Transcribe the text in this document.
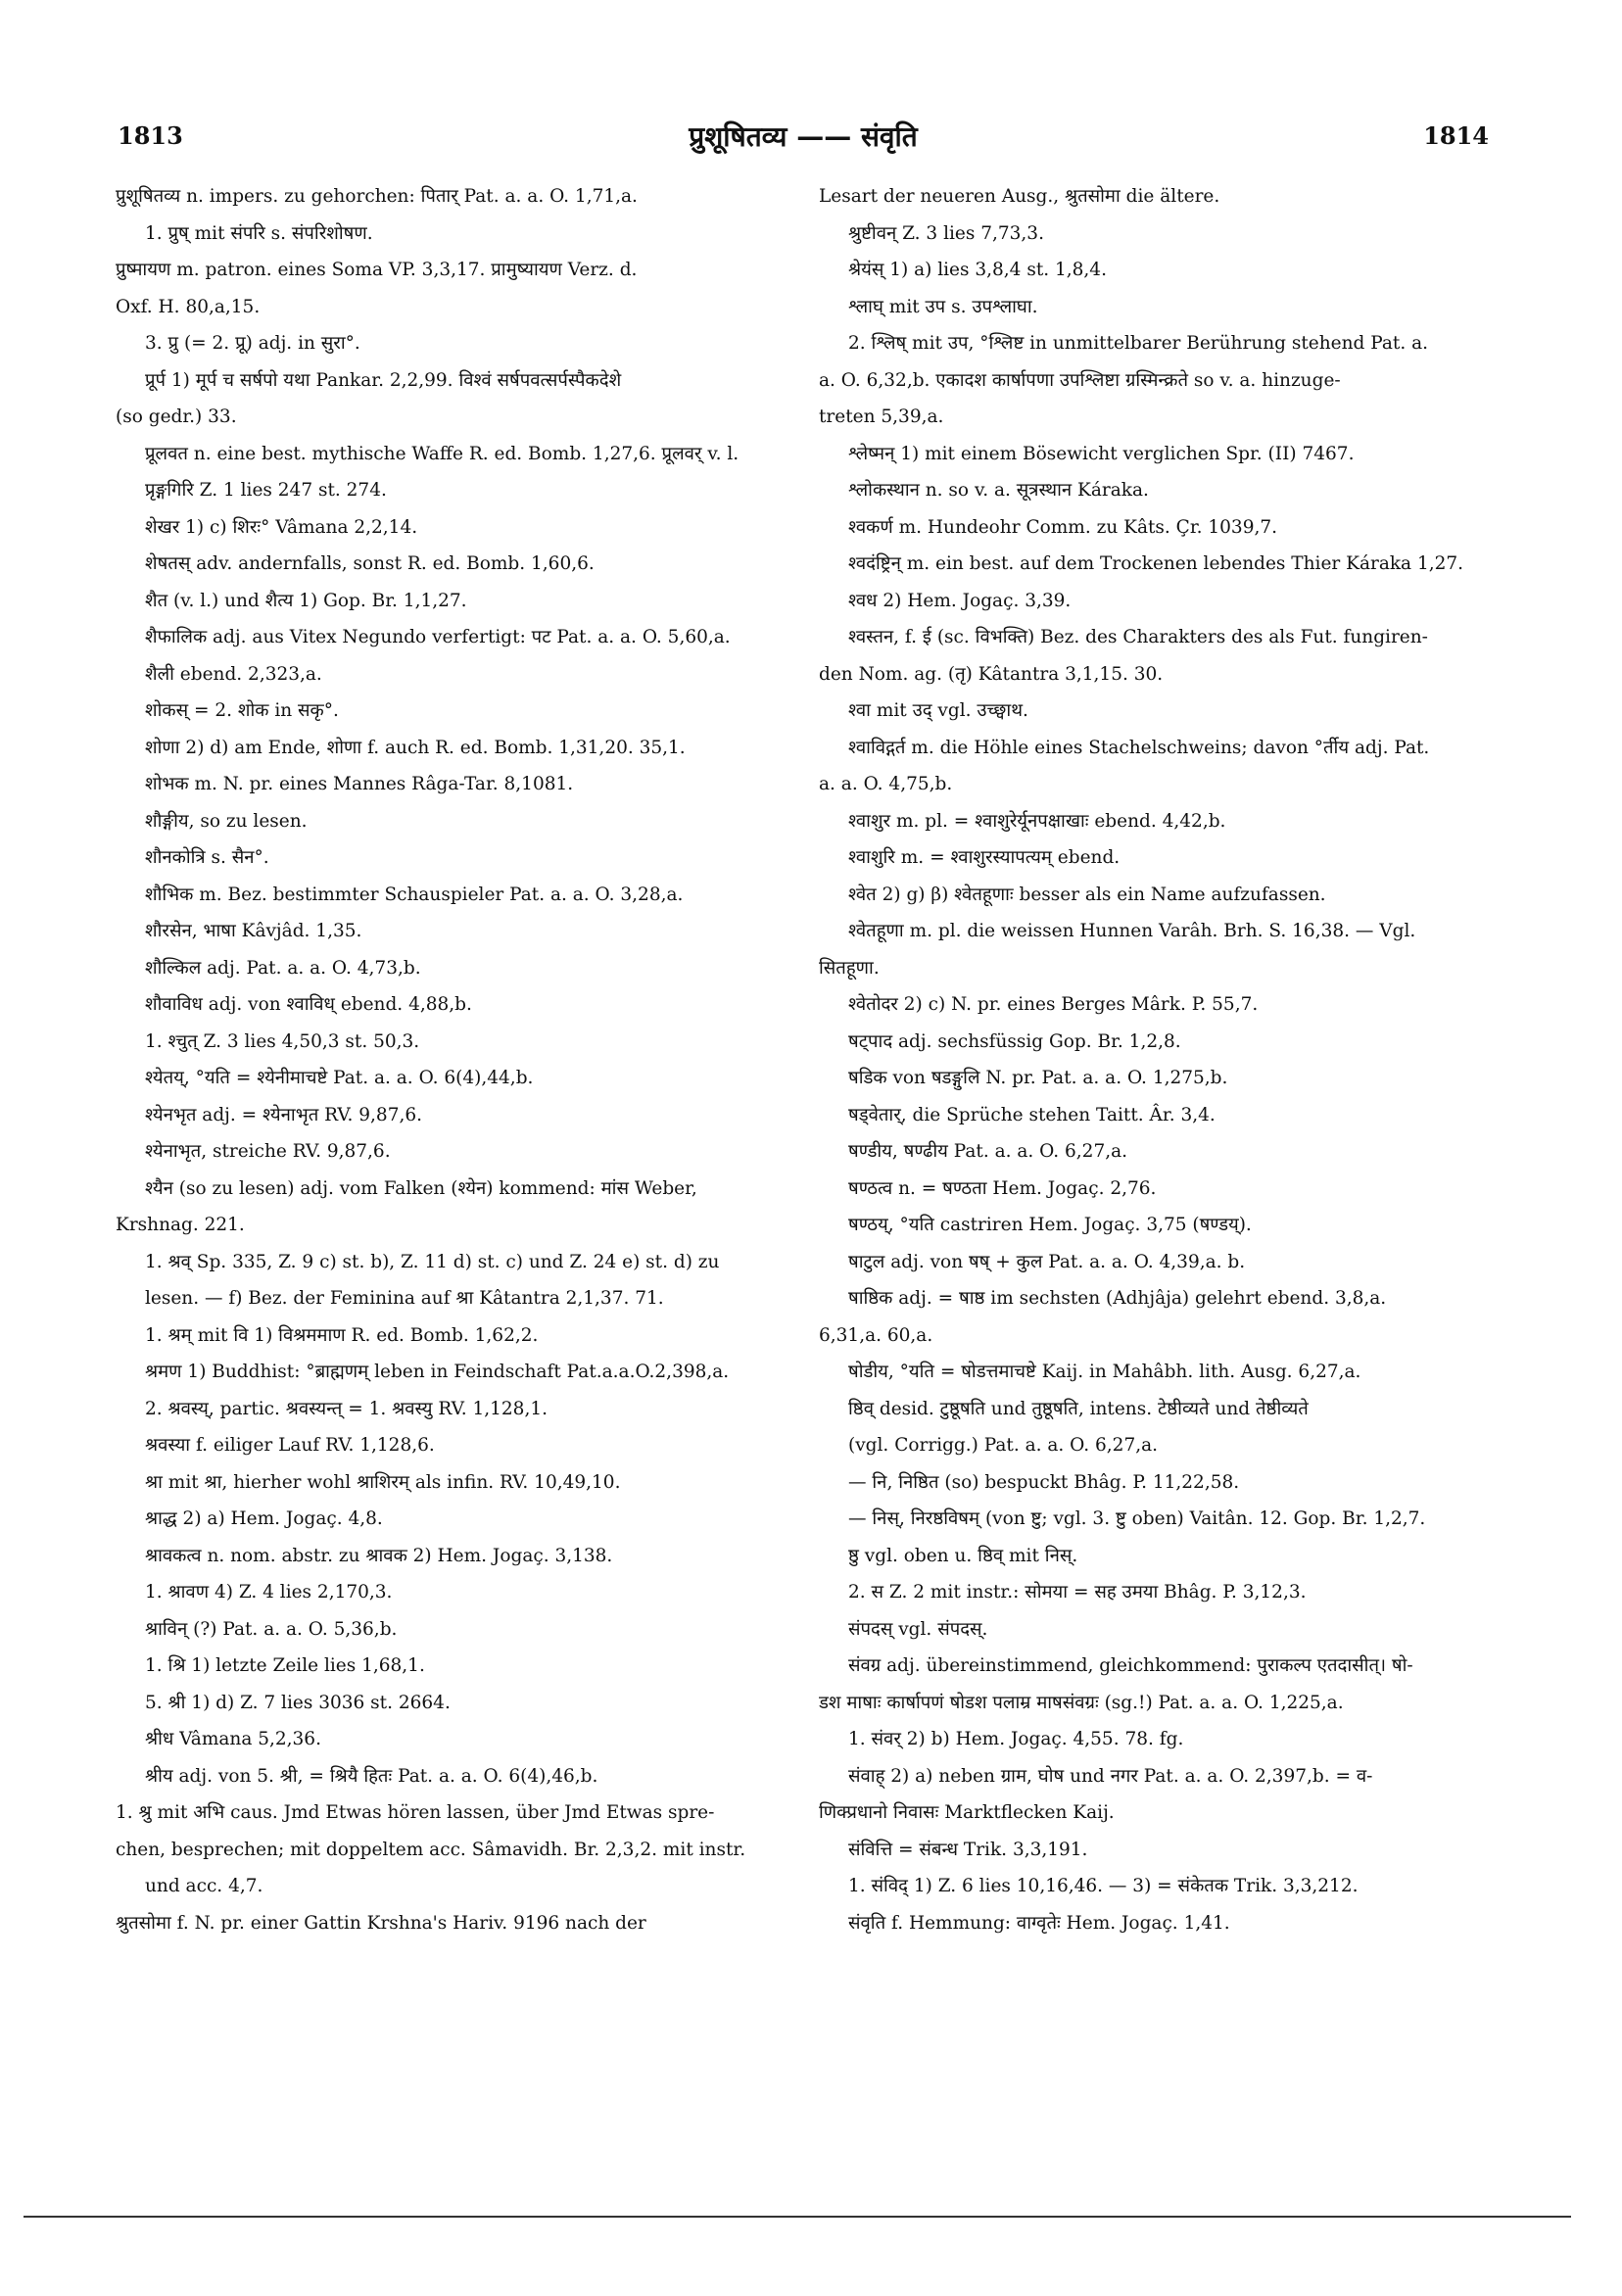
1813	प्रुशूषितव्य —— संवृति	1814
प्रुशूषितव्य n. impers. zu gehorchen: पितार् Pat. a. a. O. 1,71,a.
1. प्रुष् mit संपरि s. संपरिशोषण.
प्रुष्मायण m. patron. eines Soma VP. 3,3,17. प्रामुष्यायण Verz. d.
Oxf. H. 80,a,15.
3. प्रु (= 2. प्रू) adj. in सुरा°.
प्रूर्प 1) मूर्प च सर्षपो यथा Pankar. 2,2,99. विश्वं सर्षपवत्सर्पस्पैकदेशे
(so gedr.) 33.
प्रूलवत n. eine best. mythische Waffe R. ed. Bomb. 1,27,6. प्रूलवर् v. l.
प्रृङ्गगिरि Z. 1 lies 247 st. 274.
शेखर 1) c) शिरः° Vâmana 2,2,14.
शेषतस् adv. andernfalls, sonst R. ed. Bomb. 1,60,6.
शैत (v. l.) und शैत्य 1) Gop. Br. 1,1,27.
शैफालिक adj. aus Vitex Negundo verfertigt: पट Pat. a. a. O. 5,60,a.
शैली ebend. 2,323,a.
शोकस् = 2. शोक in सकृ°.
शोणा 2) d) am Ende, शोणा f. auch R. ed. Bomb. 1,31,20. 35,1.
शोभक m. N. pr. eines Mannes Râga-Tar. 8,1081.
शौङ्गीय, so zu lesen.
शौनकोत्रि s. सैन°.
शौभिक m. Bez. bestimmter Schauspieler Pat. a. a. O. 3,28,a.
शौरसेन, भाषा Kâvjâd. 1,35.
शौल्किल adj. Pat. a. a. O. 4,73,b.
शौवाविध adj. von श्वाविध् ebend. 4,88,b.
1. श्चुत् Z. 3 lies 4,50,3 st. 50,3.
श्येतय्, °यति = श्येनीमाचष्टे Pat. a. a. O. 6(4),44,b.
श्येनभृत adj. = श्येनाभृत RV. 9,87,6.
श्येनाभृत, streiche RV. 9,87,6.
श्यैन (so zu lesen) adj. vom Falken (श्येन) kommend: मांस Weber,
Krshnag. 221.
1. श्रव् Sp. 335, Z. 9 c) st. b), Z. 11 d) st. c) und Z. 24 e) st. d) zu
lesen. — f) Bez. der Feminina auf श्रा Kâtantra 2,1,37. 71.
1. श्रम् mit वि 1) विश्रममाण R. ed. Bomb. 1,62,2.
श्रमण 1) Buddhist: °ब्राह्मणम् leben in Feindschaft Pat.a.a.O.2,398,a.
2. श्रवस्य्, partic. श्रवस्यन्त् = 1. श्रवस्यु RV. 1,128,1.
श्रवस्या f. eiliger Lauf RV. 1,128,6.
श्रा mit श्रा, hierher wohl श्राशिरम् als infin. RV. 10,49,10.
श्राद्ध 2) a) Hem. Jogaç. 4,8.
श्रावकत्व n. nom. abstr. zu श्रावक 2) Hem. Jogaç. 3,138.
1. श्रावण 4) Z. 4 lies 2,170,3.
श्राविन् (?) Pat. a. a. O. 5,36,b.
1. श्रि 1) letzte Zeile lies 1,68,1.
5. श्री 1) d) Z. 7 lies 3036 st. 2664.
श्रीध Vâmana 5,2,36.
श्रीय adj. von 5. श्री, = श्रियै हितः Pat. a. a. O. 6(4),46,b.
1. श्रु mit अभि caus. Jmd Etwas hören lassen, über Jmd Etwas spre-
chen, besprechen; mit doppeltem acc. Sâmavidh. Br. 2,3,2. mit instr.
und acc. 4,7.
श्रुतसोमा f. N. pr. einer Gattin Krshna's Hariv. 9196 nach der
Lesart der neueren Ausg., श्रुतसोमा die ältere.
श्रुष्टीवन् Z. 3 lies 7,73,3.
श्रेयंस् 1) a) lies 3,8,4 st. 1,8,4.
श्लाघ् mit उप s. उपश्लाघा.
2. श्लिष् mit उप, °श्लिष्ट in unmittelbarer Berührung stehend Pat. a.
a. O. 6,32,b. एकादश कार्षापणा उपश्लिष्टा ग्रस्मिन्क्रते so v. a. hinzuge-
treten 5,39,a.
श्लेष्मन् 1) mit einem Bösewicht verglichen Spr. (II) 7467.
श्लोकस्थान n. so v. a. सूत्रस्थान Káraka.
श्वकर्ण m. Hundeohr Comm. zu Kâts. Çr. 1039,7.
श्वदंष्ट्रिन् m. ein best. auf dem Trockenen lebendes Thier Káraka 1,27.
श्वध 2) Hem. Jogaç. 3,39.
श्वस्तन, f. ई (sc. विभक्ति) Bez. des Charakters des als Fut. fungiren-
den Nom. ag. (तृ) Kâtantra 3,1,15. 30.
श्वा mit उद् vgl. उच्छ्वाथ.
श्वाविद्गर्त m. die Höhle eines Stachelschweins; davon °र्तीय adj. Pat.
a. a. O. 4,75,b.
श्वाशुर m. pl. = श्वाशुरेर्यूनपक्षाखाः ebend. 4,42,b.
श्वाशुरि m. = श्वाशुरस्यापत्यम् ebend.
श्वेत 2) g) β) श्वेतहूणाः besser als ein Name aufzufassen.
श्वेतहूणा m. pl. die weissen Hunnen Varâh. Brh. S. 16,38. — Vgl.
सितहूणा.
श्वेतोदर 2) c) N. pr. eines Berges Mârk. P. 55,7.
षट्पाद adj. sechsfüssig Gop. Br. 1,2,8.
षडिक von षडङ्गुलि N. pr. Pat. a. a. O. 1,275,b.
षड्वेतार्, die Sprüche stehen Taitt. Âr. 3,4.
षण्डीय, षण्ढीय Pat. a. a. O. 6,27,a.
षण्ठत्व n. = षण्ठता Hem. Jogaç. 2,76.
षण्ठय्, °यति castriren Hem. Jogaç. 3,75 (षण्डय्).
षाटुल adj. von षष् + कुल Pat. a. a. O. 4,39,a. b.
षाष्ठिक adj. = षाष्ठ im sechsten (Adhjâja) gelehrt ebend. 3,8,a.
6,31,a. 60,a.
षोडीय, °यति = षोडत्तमाचष्टे Kaij. in Mahâbh. lith. Ausg. 6,27,a.
ष्ठिव् desid. टुष्ठूषति und तुष्ठूषति, intens. टेष्ठीव्यते und तेष्ठीव्यते
(vgl. Corrigg.) Pat. a. a. O. 6,27,a.
— नि, निष्ठित (so) bespuckt Bhâg. P. 11,22,58.
— निस्, निरष्ठविषम् (von ष्टु; vgl. 3. ष्टु oben) Vaitân. 12. Gop. Br. 1,2,7.
ष्ठु vgl. oben u. ष्ठिव् mit निस्.
2. स Z. 2 mit instr.: सोमया = सह उमया Bhâg. P. 3,12,3.
संपदस् vgl. संपदस्.
संवग्र adj. übereinstimmend, gleichkommend: पुराकल्प एतदासीत्। षो-
डश माषाः कार्षापणं षोडश पलाम्र माषसंवग्रः (sg.!) Pat. a. a. O. 1,225,a.
1. संवर् 2) b) Hem. Jogaç. 4,55. 78. fg.
संवाह् 2) a) neben ग्राम, घोष und नगर Pat. a. a. O. 2,397,b. = व-
णिक्प्रधानो निवासः Marktflecken Kaij.
संवित्ति = संबन्ध Trik. 3,3,191.
1. संविद् 1) Z. 6 lies 10,16,46. — 3) = संकेतक Trik. 3,3,212.
संवृति f. Hemmung: वाग्वृतेः Hem. Jogaç. 1,41.
